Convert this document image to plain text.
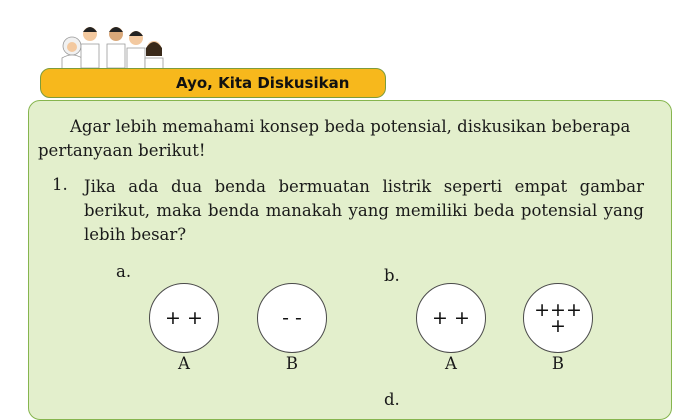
Ayo, Kita Diskusikan
Agar lebih memahami konsep beda potensial, diskusikan beberapa pertanyaan berikut!
1. Jika ada dua benda bermuatan listrik seperti empat gambar berikut, maka benda manakah yang memiliki beda potensial yang lebih besar?
a.
+ +
A
- -
B
b.
+ +
A
+++
+
B
d.
